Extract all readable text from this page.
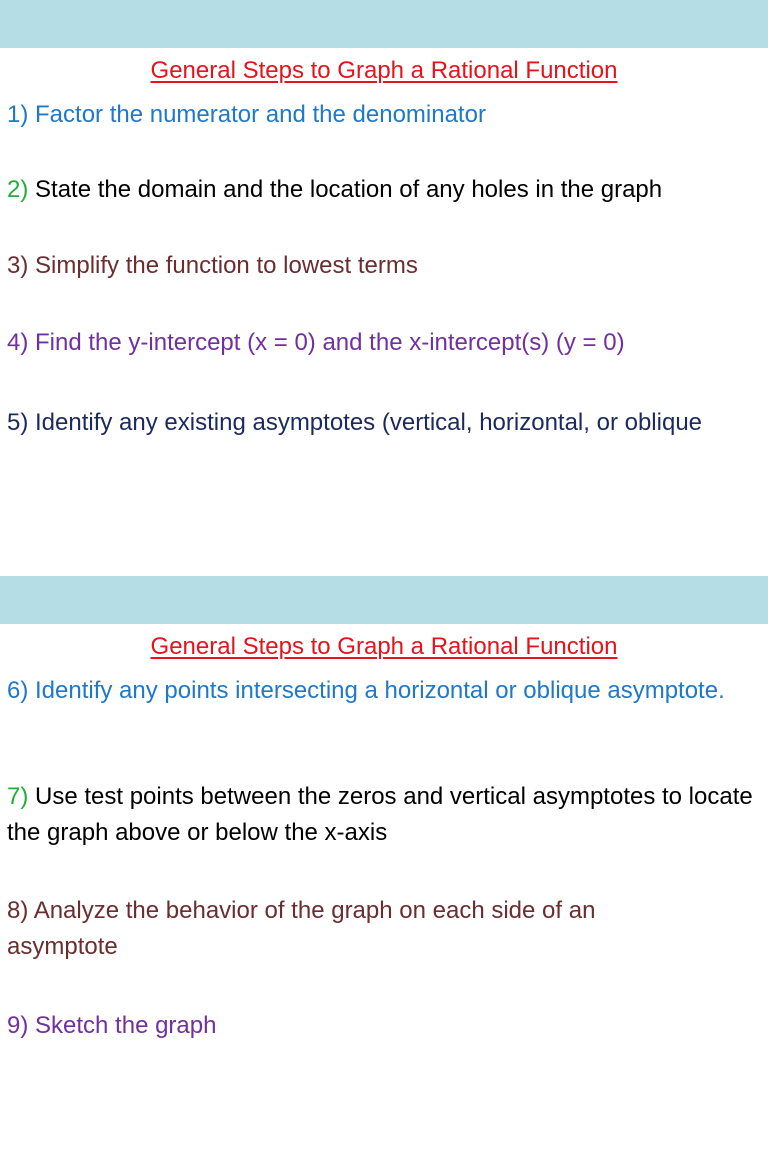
General Steps to Graph a Rational Function
1) Factor the numerator and the denominator
2) State the domain and the location of any holes in the graph
3) Simplify the function to lowest terms
4) Find the y-intercept (x = 0) and the x-intercept(s) (y = 0)
5) Identify any existing asymptotes (vertical, horizontal, or oblique
General Steps to Graph a Rational Function
6) Identify any points intersecting a horizontal or oblique asymptote.
7) Use test points between the zeros and vertical asymptotes to locate the graph above or below the x-axis
8) Analyze the behavior of the graph on each side of an asymptote
9) Sketch the graph
